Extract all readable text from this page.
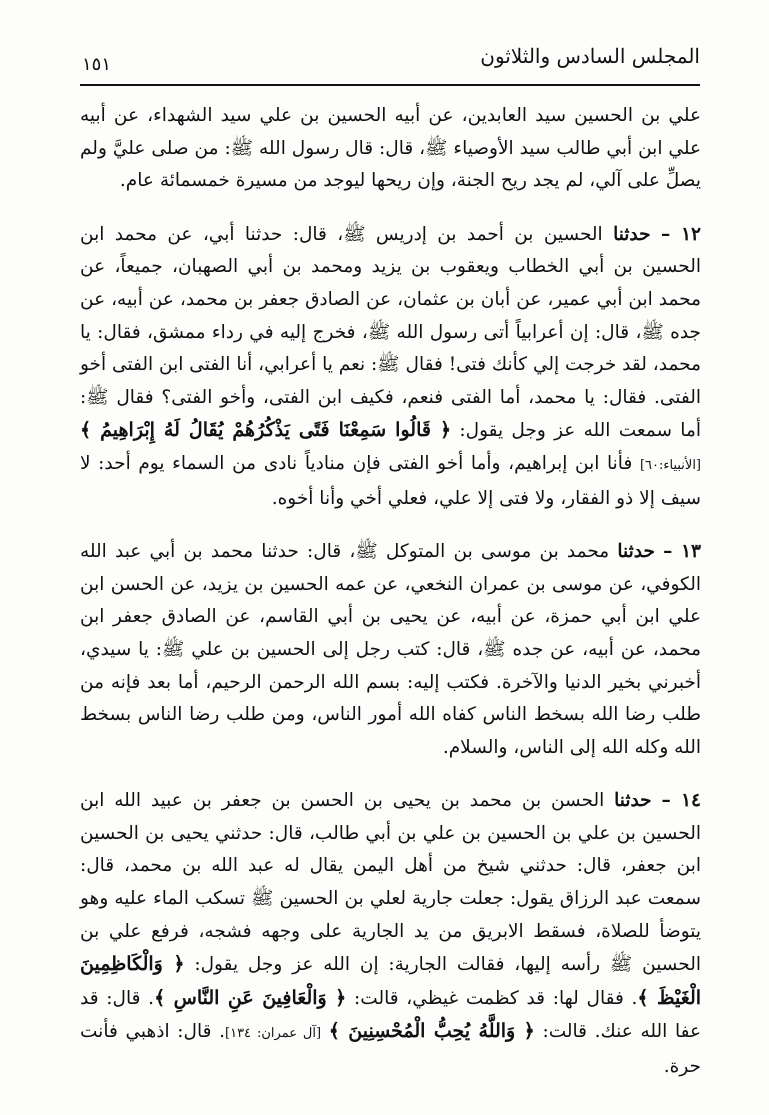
المجلس السادس والثلاثون
١٥١

علي بن الحسين سيد العابدين، عن أبيه الحسين بن علي سيد الشهداء، عن أبيه علي ابن أبي طالب سيد الأوصياء ﷺ، قال: قال رسول الله ﷺ: من صلى عليَّ ولم يصلِّ على آلي، لم يجد ريح الجنة، وإن ريحها ليوجد من مسيرة خمسمائة عام.

١٢ – حدثنا الحسين بن أحمد بن إدريس ﷺ، قال: حدثنا أبي، عن محمد ابن الحسين بن أبي الخطاب ويعقوب بن يزيد ومحمد بن أبي الصهبان، جميعاً، عن محمد ابن أبي عمير، عن أبان بن عثمان، عن الصادق جعفر بن محمد، عن أبيه، عن جده ﷺ، قال: إن أعرابياً أتى رسول الله ﷺ، فخرج إليه في رداء ممشق، فقال: يا محمد، لقد خرجت إلي كأنك فتى! فقال ﷺ: نعم يا أعرابي، أنا الفتى ابن الفتى أخو الفتى. فقال: يا محمد، أما الفتى فنعم، فكيف ابن الفتى، وأخو الفتى؟ فقال ﷺ: أما سمعت الله عز وجل يقول: ﴿ قَالُوا سَمِعْنَا فَتًى يَذْكُرُهُمْ يُقَالُ لَهُ إِبْرَاهِيمُ ﴾ [الأنبياء:٦٠] فأنا ابن إبراهيم، وأما أخو الفتى فإن منادياً نادى من السماء يوم أحد: لا سيف إلا ذو الفقار، ولا فتى إلا علي، فعلي أخي وأنا أخوه.

١٣ – حدثنا محمد بن موسى بن المتوكل ﷺ، قال: حدثنا محمد بن أبي عبد الله الكوفي، عن موسى بن عمران النخعي، عن عمه الحسين بن يزيد، عن الحسن ابن علي ابن أبي حمزة، عن أبيه، عن يحيى بن أبي القاسم، عن الصادق جعفر ابن محمد، عن أبيه، عن جده ﷺ، قال: كتب رجل إلى الحسين بن علي ﷺ: يا سيدي، أخبرني بخير الدنيا والآخرة. فكتب إليه: بسم الله الرحمن الرحيم، أما بعد فإنه من طلب رضا الله بسخط الناس كفاه الله أمور الناس، ومن طلب رضا الناس بسخط الله وكله الله إلى الناس، والسلام.

١٤ – حدثنا الحسن بن محمد بن يحيى بن الحسن بن جعفر بن عبيد الله ابن الحسين بن علي بن الحسين بن علي بن أبي طالب، قال: حدثني يحيى بن الحسين ابن جعفر، قال: حدثني شيخ من أهل اليمن يقال له عبد الله بن محمد، قال: سمعت عبد الرزاق يقول: جعلت جارية لعلي بن الحسين ﷺ تسكب الماء عليه وهو يتوضأ للصلاة، فسقط الابريق من يد الجارية على وجهه فشجه، فرفع علي بن الحسين ﷺ رأسه إليها، فقالت الجارية: إن الله عز وجل يقول: ﴿ وَالْكَاظِمِينَ الْغَيْظَ ﴾. فقال لها: قد كظمت غيظي، قالت: ﴿ وَالْعَافِينَ عَنِ النَّاسِ ﴾. قال: قد عفا الله عنك. قالت: ﴿ وَاللَّهُ يُحِبُّ الْمُحْسِنِينَ ﴾ [آل عمران: ١٣٤]. قال: اذهبي فأنت حرة.
